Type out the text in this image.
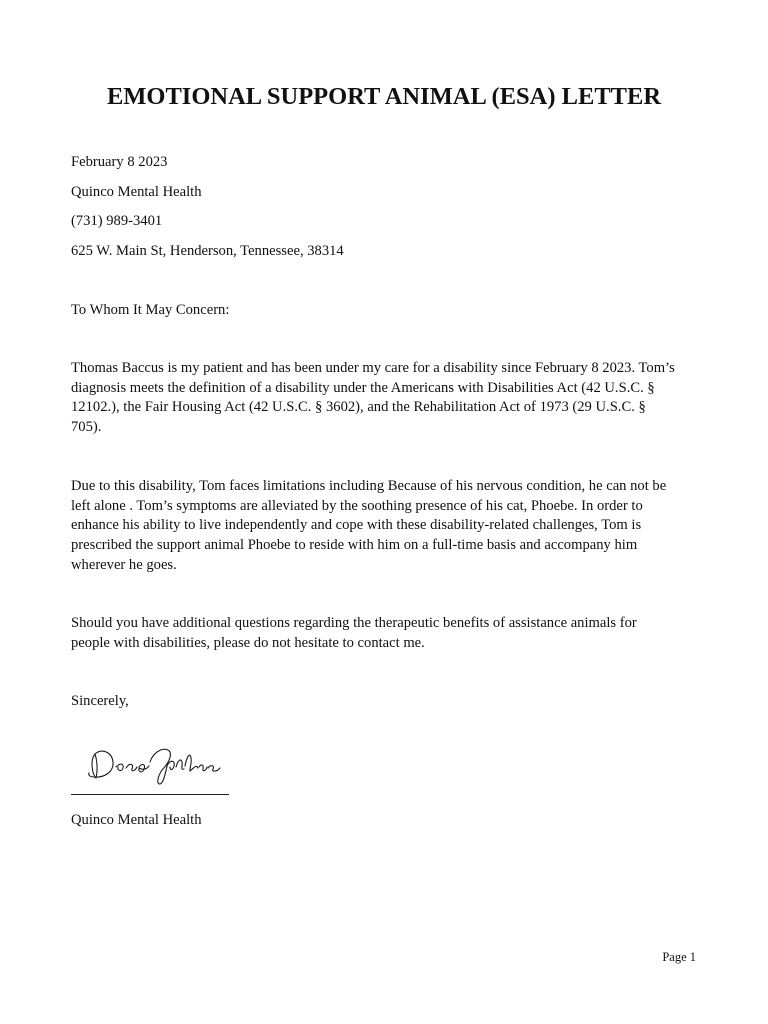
EMOTIONAL SUPPORT ANIMAL (ESA) LETTER

February 8 2023

Quinco Mental Health

(731) 989-3401

625 W. Main St, Henderson, Tennessee, 38314

To Whom It May Concern:

Thomas Baccus is my patient and has been under my care for a disability since February 8 2023. Tom’s
diagnosis meets the definition of a disability under the Americans with Disabilities Act (42 U.S.C. §
12102.), the Fair Housing Act (42 U.S.C. § 3602), and the Rehabilitation Act of 1973 (29 U.S.C. §
705).
Due to this disability, Tom faces limitations including Because of his nervous condition, he can not be
left alone . Tom’s symptoms are alleviated by the soothing presence of his cat, Phoebe. In order to
enhance his ability to live independently and cope with these disability-related challenges, Tom is
prescribed the support animal Phoebe to reside with him on a full-time basis and accompany him
wherever he goes.
Should you have additional questions regarding the therapeutic benefits of assistance animals for
people with disabilities, please do not hesitate to contact me.

Sincerely,

Quinco Mental Health

Page 1
